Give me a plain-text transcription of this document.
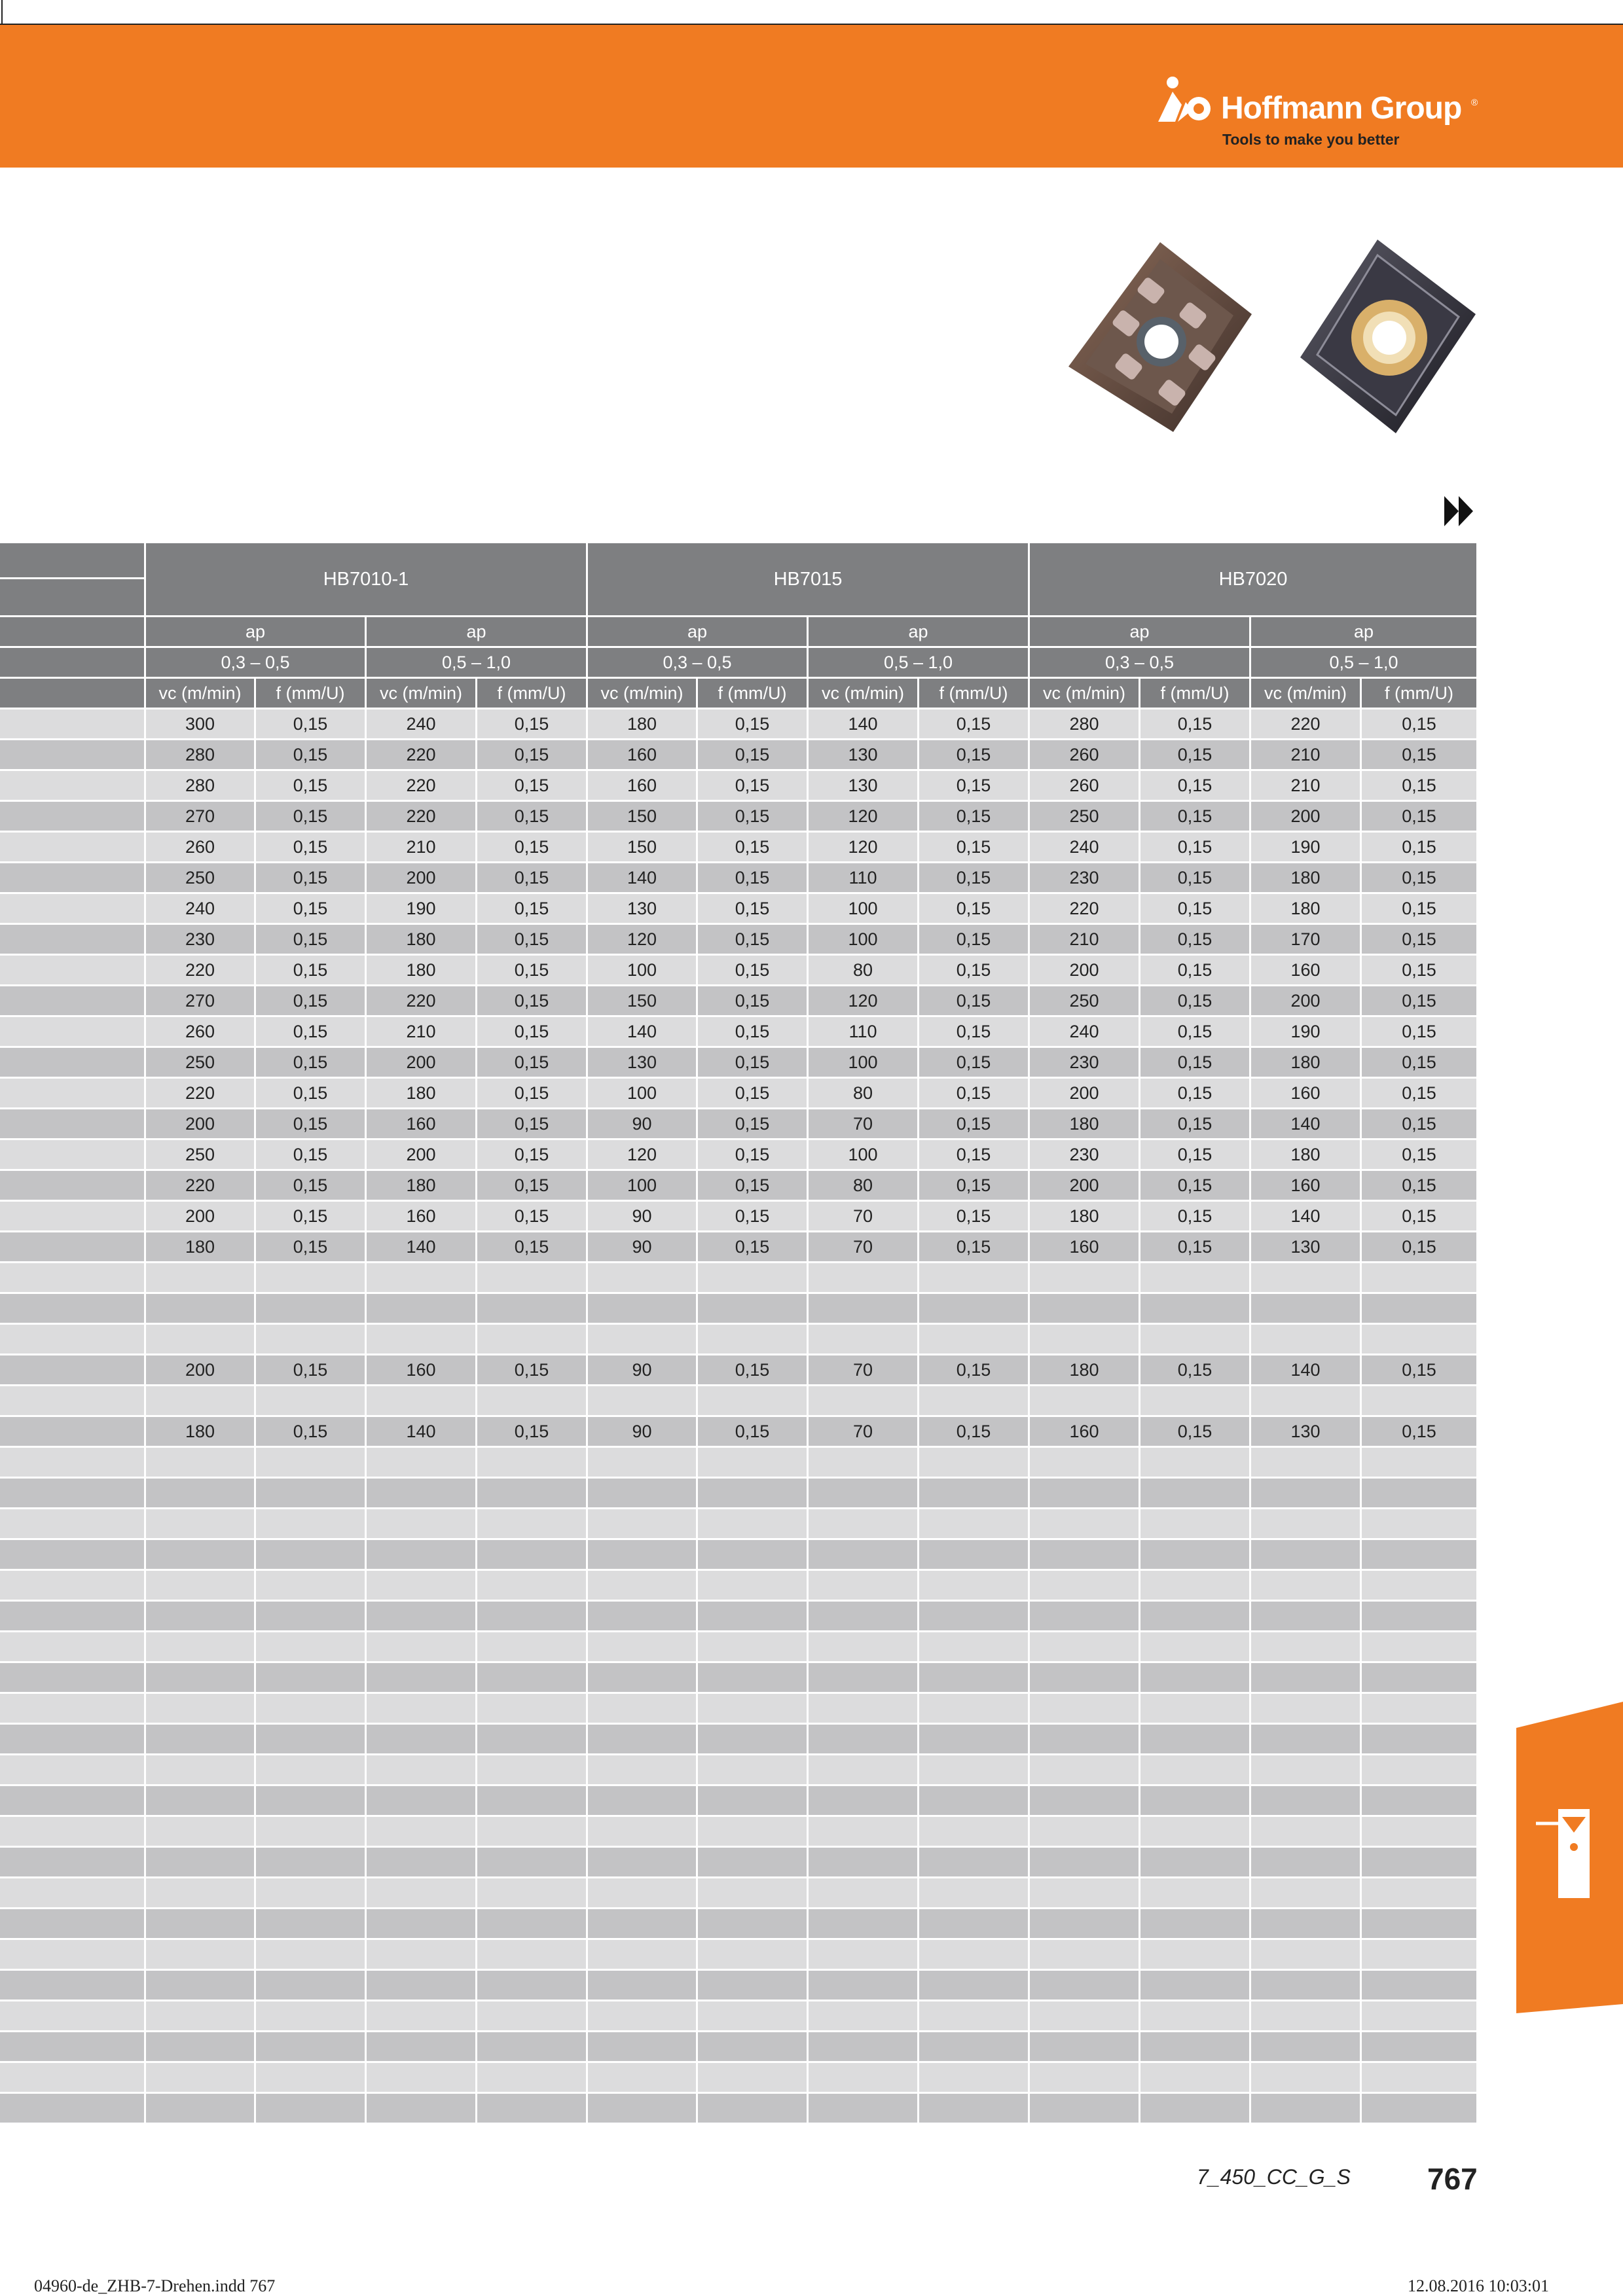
Hoffmann Group ®
Tools to make you better
HB7010-1	HB7015	HB7020
ap	ap	ap	ap	ap	ap
0,3 – 0,5	0,5 – 1,0	0,3 – 0,5	0,5 – 1,0	0,3 – 0,5	0,5 – 1,0
vc (m/min)	f (mm/U)	vc (m/min)	f (mm/U)	vc (m/min)	f (mm/U)	vc (m/min)	f (mm/U)	vc (m/min)	f (mm/U)	vc (m/min)	f (mm/U)
300	0,15	240	0,15	180	0,15	140	0,15	280	0,15	220	0,15
280	0,15	220	0,15	160	0,15	130	0,15	260	0,15	210	0,15
280	0,15	220	0,15	160	0,15	130	0,15	260	0,15	210	0,15
270	0,15	220	0,15	150	0,15	120	0,15	250	0,15	200	0,15
260	0,15	210	0,15	150	0,15	120	0,15	240	0,15	190	0,15
250	0,15	200	0,15	140	0,15	110	0,15	230	0,15	180	0,15
240	0,15	190	0,15	130	0,15	100	0,15	220	0,15	180	0,15
230	0,15	180	0,15	120	0,15	100	0,15	210	0,15	170	0,15
220	0,15	180	0,15	100	0,15	80	0,15	200	0,15	160	0,15
270	0,15	220	0,15	150	0,15	120	0,15	250	0,15	200	0,15
260	0,15	210	0,15	140	0,15	110	0,15	240	0,15	190	0,15
250	0,15	200	0,15	130	0,15	100	0,15	230	0,15	180	0,15
220	0,15	180	0,15	100	0,15	80	0,15	200	0,15	160	0,15
200	0,15	160	0,15	90	0,15	70	0,15	180	0,15	140	0,15
250	0,15	200	0,15	120	0,15	100	0,15	230	0,15	180	0,15
220	0,15	180	0,15	100	0,15	80	0,15	200	0,15	160	0,15
200	0,15	160	0,15	90	0,15	70	0,15	180	0,15	140	0,15
180	0,15	140	0,15	90	0,15	70	0,15	160	0,15	130	0,15
200	0,15	160	0,15	90	0,15	70	0,15	180	0,15	140	0,15
180	0,15	140	0,15	90	0,15	70	0,15	160	0,15	130	0,15
7_450_CC_G_S	767
04960-de_ZHB-7-Drehen.indd 767	12.08.2016 10:03:01
